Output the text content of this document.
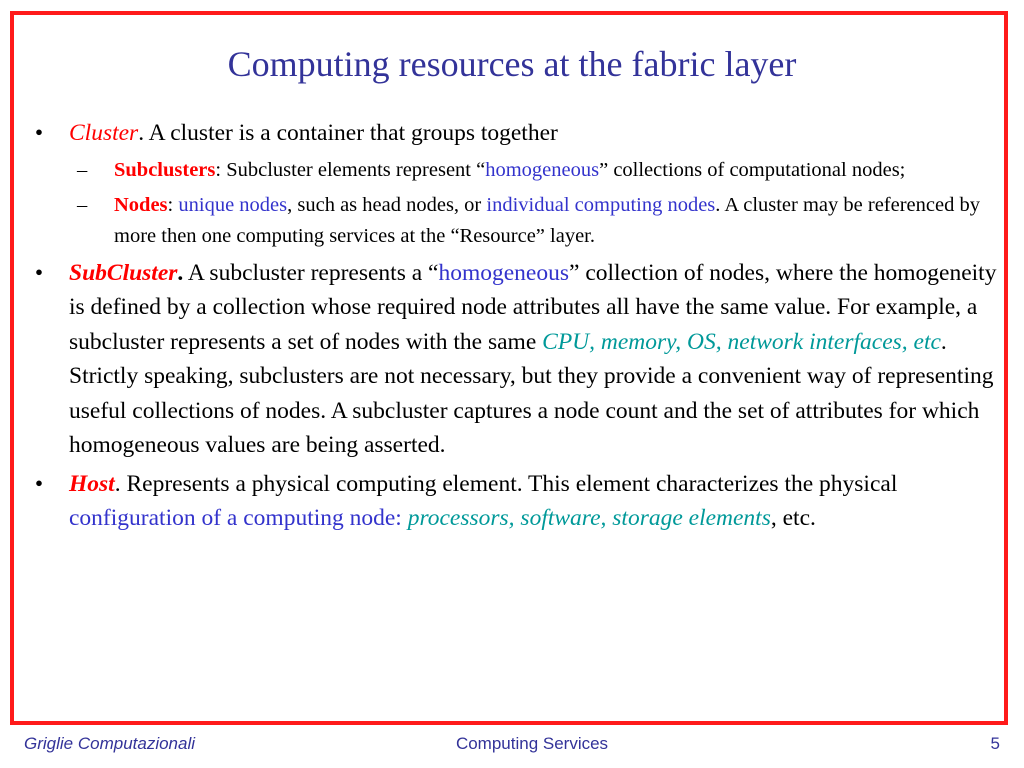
Computing resources at the fabric layer
•	Cluster. A cluster is a container that groups together
– Subclusters: Subcluster elements represent “homogeneous” collections of computational nodes;
– Nodes: unique nodes, such as head nodes, or individual computing nodes. A cluster may be referenced by more then one computing services at the “Resource” layer.
•	SubCluster. A subcluster represents a “homogeneous” collection of nodes, where the homogeneity is defined by a collection whose required node attributes all have the same value. For example, a subcluster represents a set of nodes with the same CPU, memory, OS, network interfaces, etc. Strictly speaking, subclusters are not necessary, but they provide a convenient way of representing useful collections of nodes. A subcluster captures a node count and the set of attributes for which homogeneous values are being asserted.
•	Host. Represents a physical computing element. This element characterizes the physical configuration of a computing node: processors, software, storage elements, etc.
Griglie Computazionali	Computing Services	5
